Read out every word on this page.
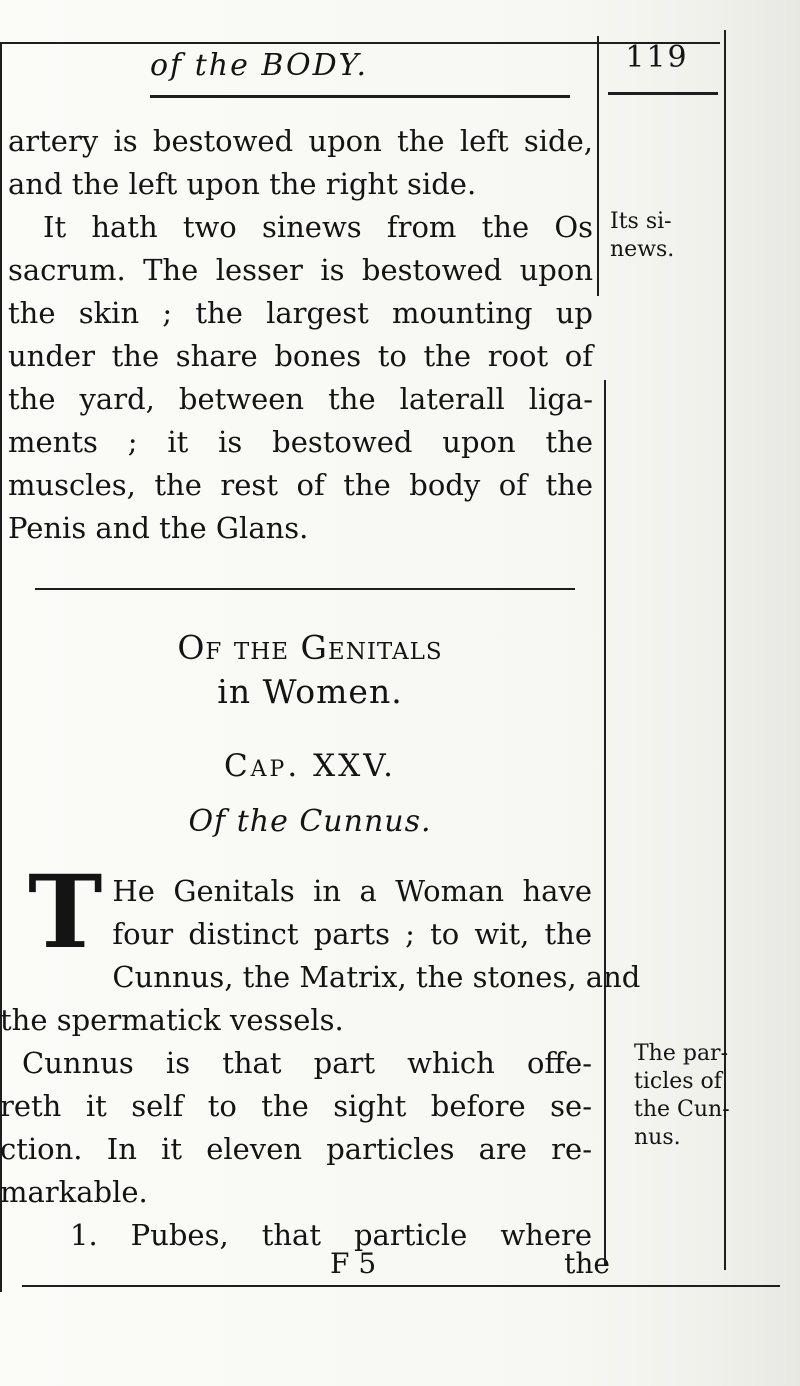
of the BODY.	119
artery is bestowed upon the left side,
and the left upon the right side.
It hath two sinews from the Os
sacrum. The lesser is bestowed upon
the skin ; the largest mounting up
under the share bones to the root of
the yard, between the laterall liga-
ments ; it is bestowed upon the
muscles, the rest of the body of the
Penis and the Glans.
Of the Genitals
in Women.
Cap. XXV.
Of the Cunnus.
T He Genitals in a Woman have
four distinct parts ; to wit, the
Cunnus, the Matrix, the stones, and
the spermatick vessels.
Cunnus is that part which offe-
reth it self to the sight before se-
ction. In it eleven particles are re-
markable.
1. Pubes, that particle where
F 5	the
Its si-
news.
The par-
ticles of
the Cun-
nus.
